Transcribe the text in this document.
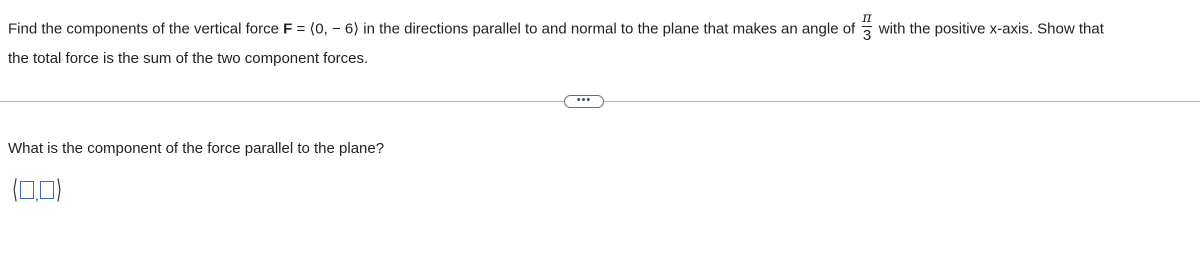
Find the components of the vertical force F = ⟨0, − 6⟩ in the directions parallel to and normal to the plane that makes an angle of $\frac{\pi}{3}$ with the positive x-axis. Show that
the total force is the sum of the two component forces.
•••
What is the component of the force parallel to the plane?
⟨ , ⟩
